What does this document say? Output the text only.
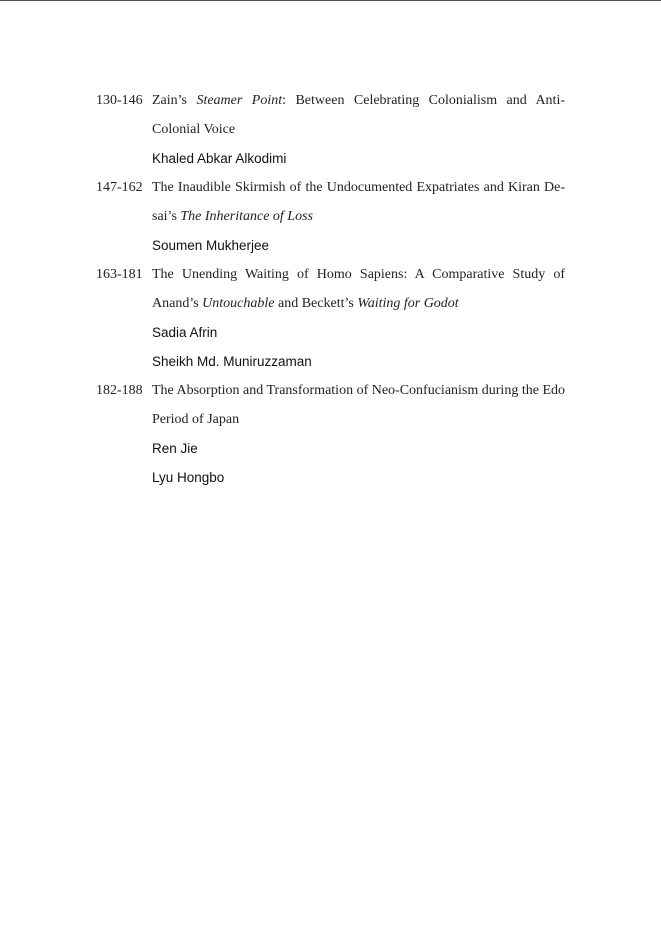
130-146 Zain’s Steamer Point: Between Celebrating Colonialism and Anti-
Colonial Voice
Khaled Abkar Alkodimi
147-162 The Inaudible Skirmish of the Undocumented Expatriates and Kiran De-
sai’s The Inheritance of Loss
Soumen Mukherjee
163-181 The Unending Waiting of Homo Sapiens: A Comparative Study of
Anand’s Untouchable and Beckett’s Waiting for Godot
Sadia Afrin
Sheikh Md. Muniruzzaman
182-188 The Absorption and Transformation of Neo-Confucianism during the Edo
Period of Japan
Ren Jie
Lyu Hongbo
